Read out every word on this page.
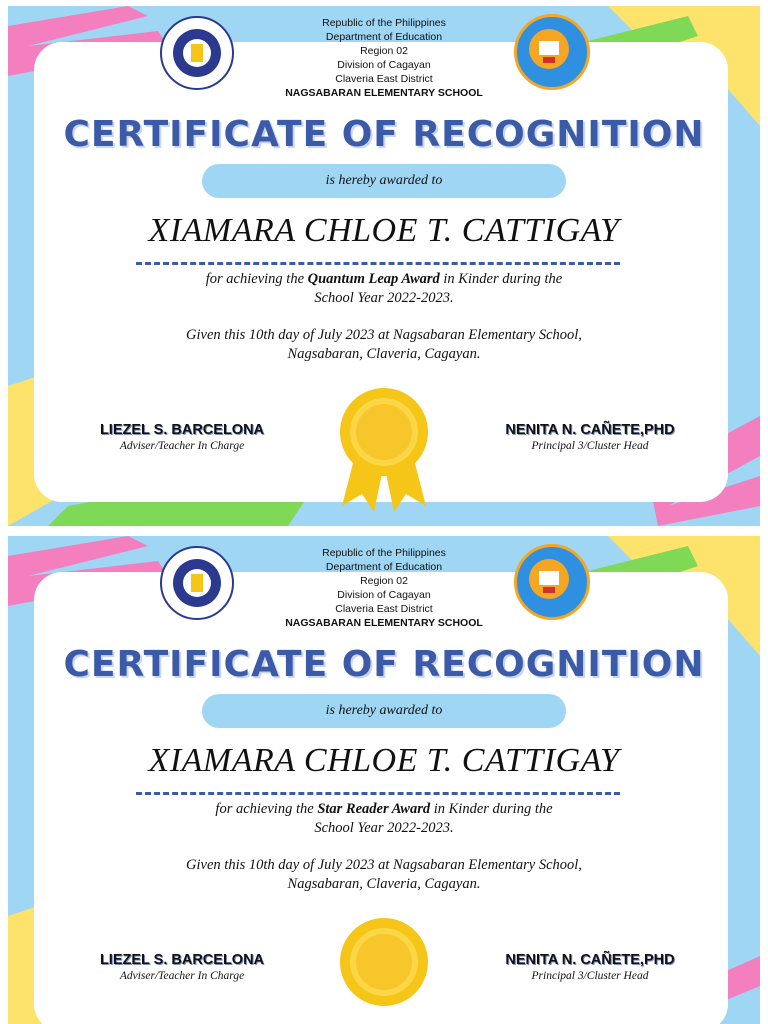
Republic of the Philippines
Department of Education
Region 02
Division of Cagayan
Claveria East District
NAGSABARAN ELEMENTARY SCHOOL
CERTIFICATE OF RECOGNITION
is hereby awarded to
XIAMARA CHLOE T. CATTIGAY
for achieving the Quantum Leap Award in Kinder during the
School Year 2022-2023.
Given this 10th day of July 2023 at Nagsabaran Elementary School,
Nagsabaran, Claveria, Cagayan.
LIEZEL S. BARCELONA
Adviser/Teacher In Charge
NENITA N. CAÑETE,PHD
Principal 3/Cluster Head
Republic of the Philippines
Department of Education
Region 02
Division of Cagayan
Claveria East District
NAGSABARAN ELEMENTARY SCHOOL
CERTIFICATE OF RECOGNITION
is hereby awarded to
XIAMARA CHLOE T. CATTIGAY
for achieving the Star Reader Award in Kinder during the
School Year 2022-2023.
Given this 10th day of July 2023 at Nagsabaran Elementary School,
Nagsabaran, Claveria, Cagayan.
LIEZEL S. BARCELONA
Adviser/Teacher In Charge
NENITA N. CAÑETE,PHD
Principal 3/Cluster Head
